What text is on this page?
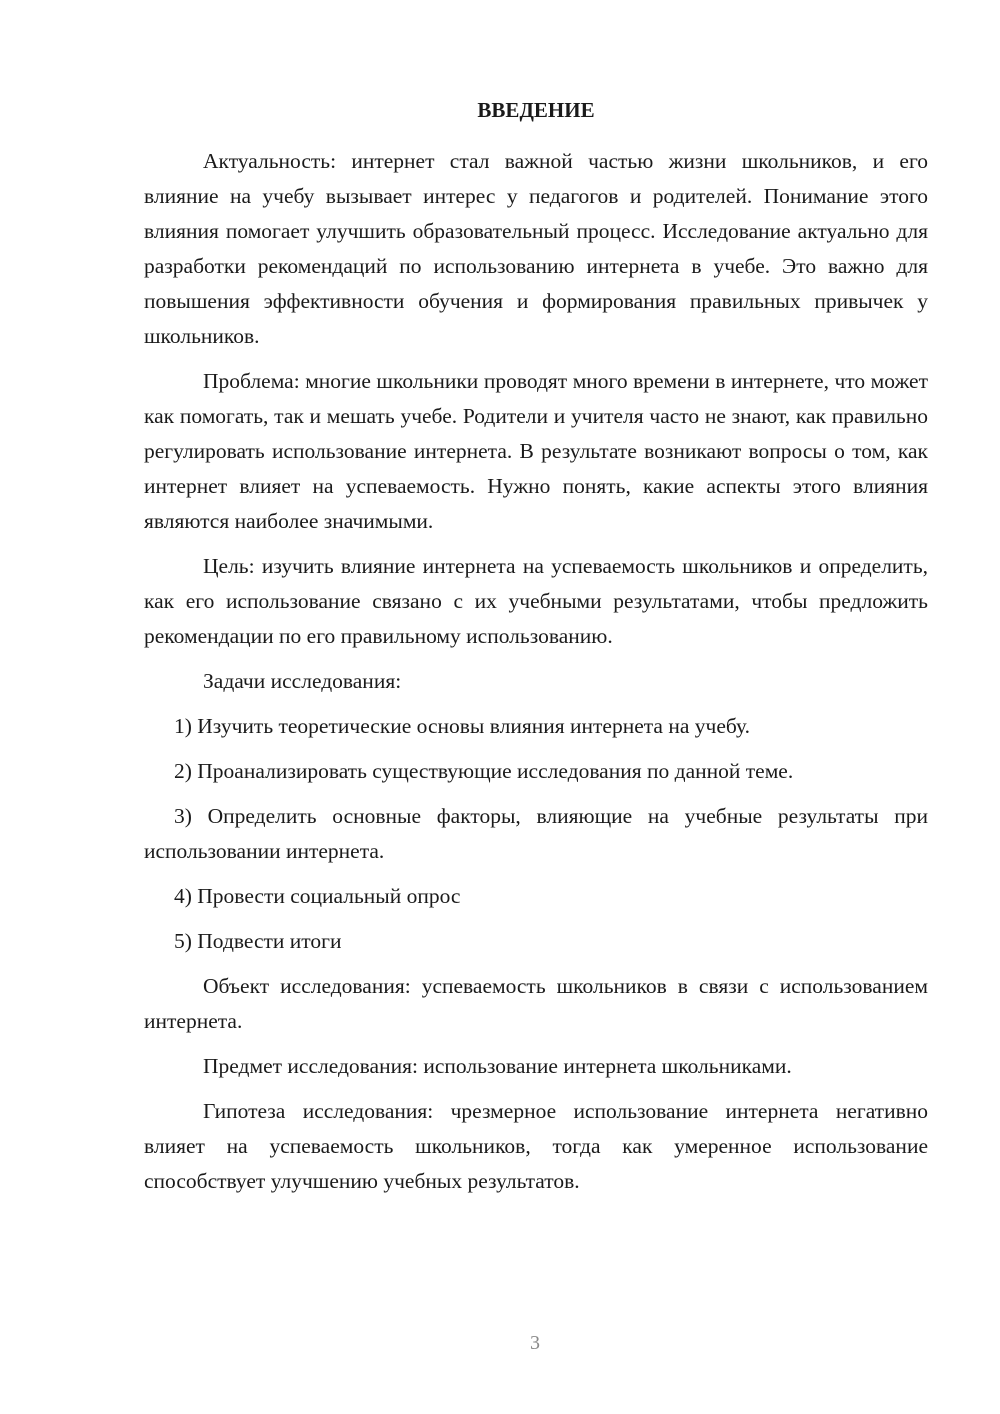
ВВЕДЕНИЕ

Актуальность: интернет стал важной частью жизни школьников, и его влияние на учебу вызывает интерес у педагогов и родителей. Понимание этого влияния помогает улучшить образовательный процесс. Исследование актуально для разработки рекомендаций по использованию интернета в учебе. Это важно для повышения эффективности обучения и формирования правильных привычек у школьников.

Проблема: многие школьники проводят много времени в интернете, что может как помогать, так и мешать учебе. Родители и учителя часто не знают, как правильно регулировать использование интернета. В результате возникают вопросы о том, как интернет влияет на успеваемость. Нужно понять, какие аспекты этого влияния являются наиболее значимыми.

Цель: изучить влияние интернета на успеваемость школьников и определить, как его использование связано с их учебными результатами, чтобы предложить рекомендации по его правильному использованию.

Задачи исследования:

1) Изучить теоретические основы влияния интернета на учебу.

2) Проанализировать существующие исследования по данной теме.

3) Определить основные факторы, влияющие на учебные результаты при использовании интернета.

4) Провести социальный опрос

5) Подвести итоги

Объект исследования: успеваемость школьников в связи с использованием интернета.

Предмет исследования: использование интернета школьниками.

Гипотеза исследования: чрезмерное использование интернета негативно влияет на успеваемость школьников, тогда как умеренное использование способствует улучшению учебных результатов.

3
